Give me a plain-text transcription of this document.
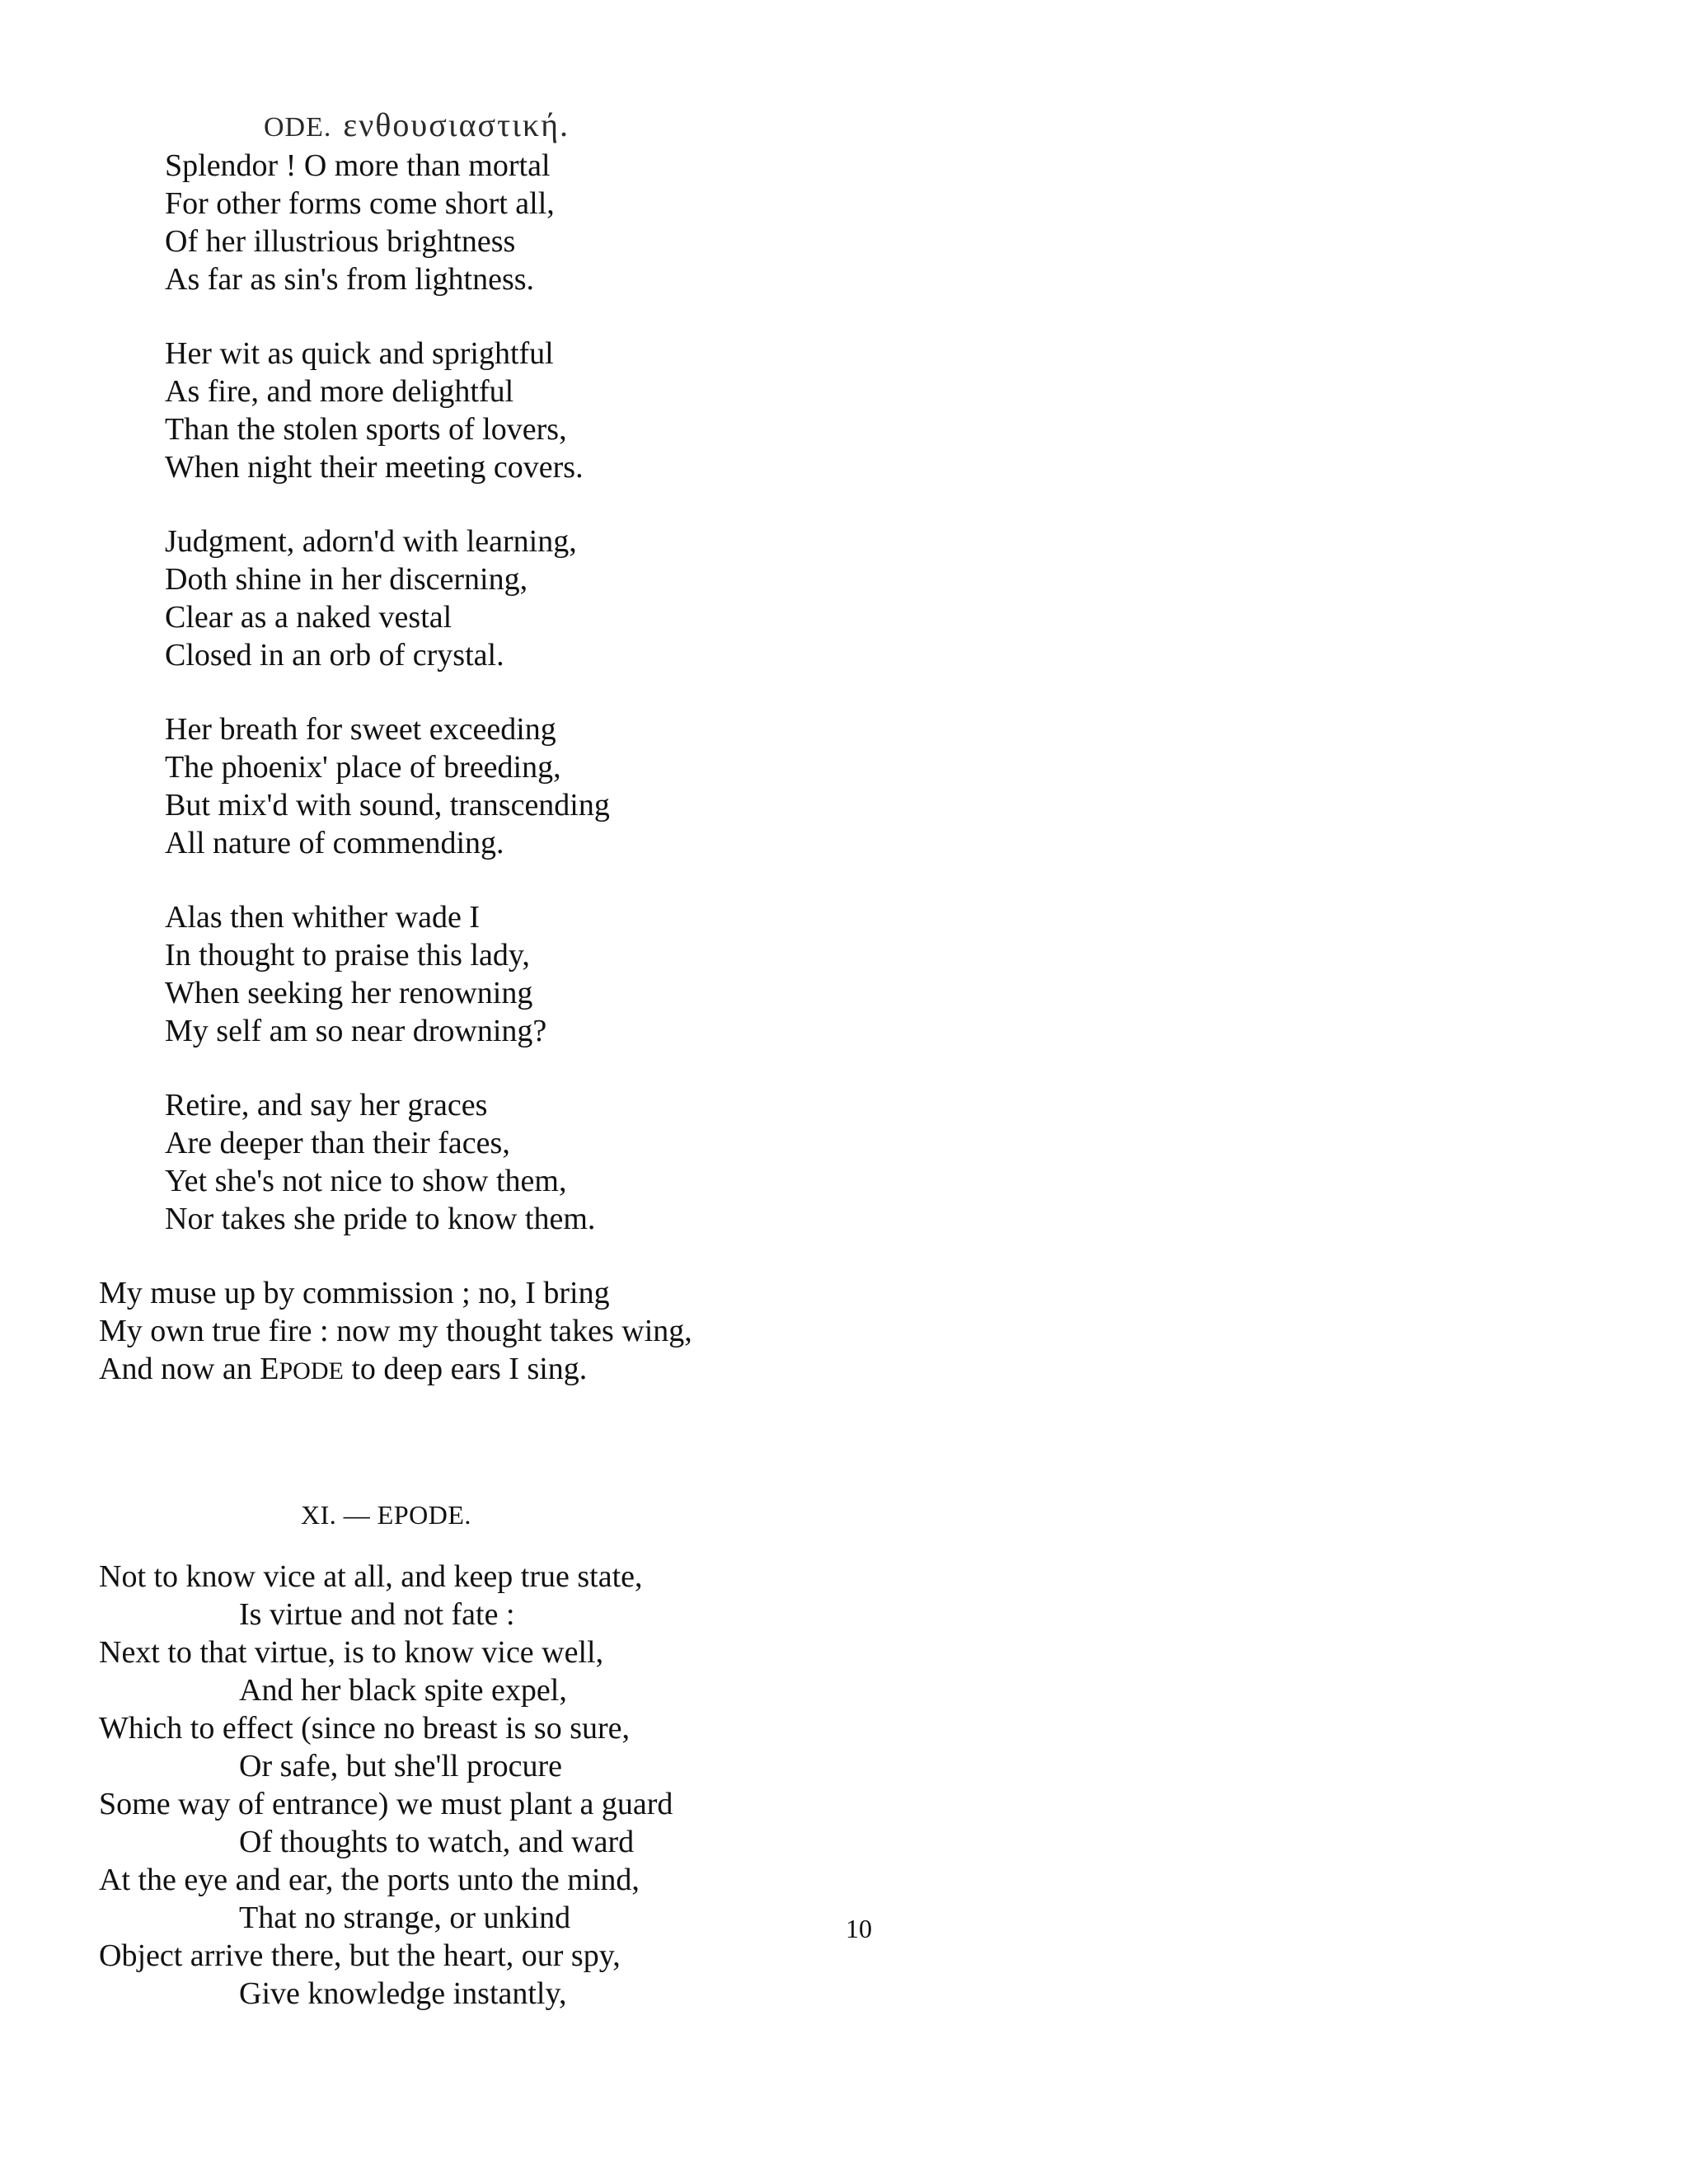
ODE. ενθουσιαστική.
Splendor ! O more than mortal
For other forms come short all,
Of her illustrious brightness
As far as sin's from lightness.
Her wit as quick and sprightful
As fire, and more delightful
Than the stolen sports of lovers,
When night their meeting covers.
Judgment, adorn'd with learning,
Doth shine in her discerning,
Clear as a naked vestal
Closed in an orb of crystal.
Her breath for sweet exceeding
The phoenix' place of breeding,
But mix'd with sound, transcending
All nature of commending.
Alas then whither wade I
In thought to praise this lady,
When seeking her renowning
My self am so near drowning?
Retire, and say her graces
Are deeper than their faces,
Yet she's not nice to show them,
Nor takes she pride to know them.
My muse up by commission ; no, I bring
My own true fire : now my thought takes wing,
And now an EPODE to deep ears I sing.
XI. — EPODE.
Not to know vice at all, and keep true state,
Is virtue and not fate :
Next to that virtue, is to know vice well,
And her black spite expel,
Which to effect (since no breast is so sure,
Or safe, but she'll procure
Some way of entrance) we must plant a guard
Of thoughts to watch, and ward
At the eye and ear, the ports unto the mind,
That no strange, or unkind
Object arrive there, but the heart, our spy,
Give knowledge instantly,
10
